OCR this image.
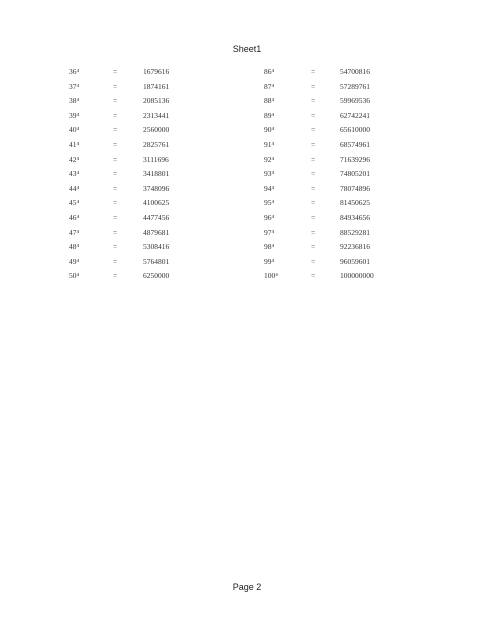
Sheet1
36⁴	=	1679616
37⁴	=	1874161
38⁴	=	2085136
39⁴	=	2313441
40⁴	=	2560000
41⁴	=	2825761
42⁴	=	3111696
43⁴	=	3418801
44⁴	=	3748096
45⁴	=	4100625
46⁴	=	4477456
47⁴	=	4879681
48⁴	=	5308416
49⁴	=	5764801
50⁴	=	6250000
86⁴	=	54700816
87⁴	=	57289761
88⁴	=	59969536
89⁴	=	62742241
90⁴	=	65610000
91⁴	=	68574961
92⁴	=	71639296
93⁴	=	74805201
94⁴	=	78074896
95⁴	=	81450625
96⁴	=	84934656
97⁴	=	88529281
98⁴	=	92236816
99⁴	=	96059601
100⁴	=	100000000
Page 2
